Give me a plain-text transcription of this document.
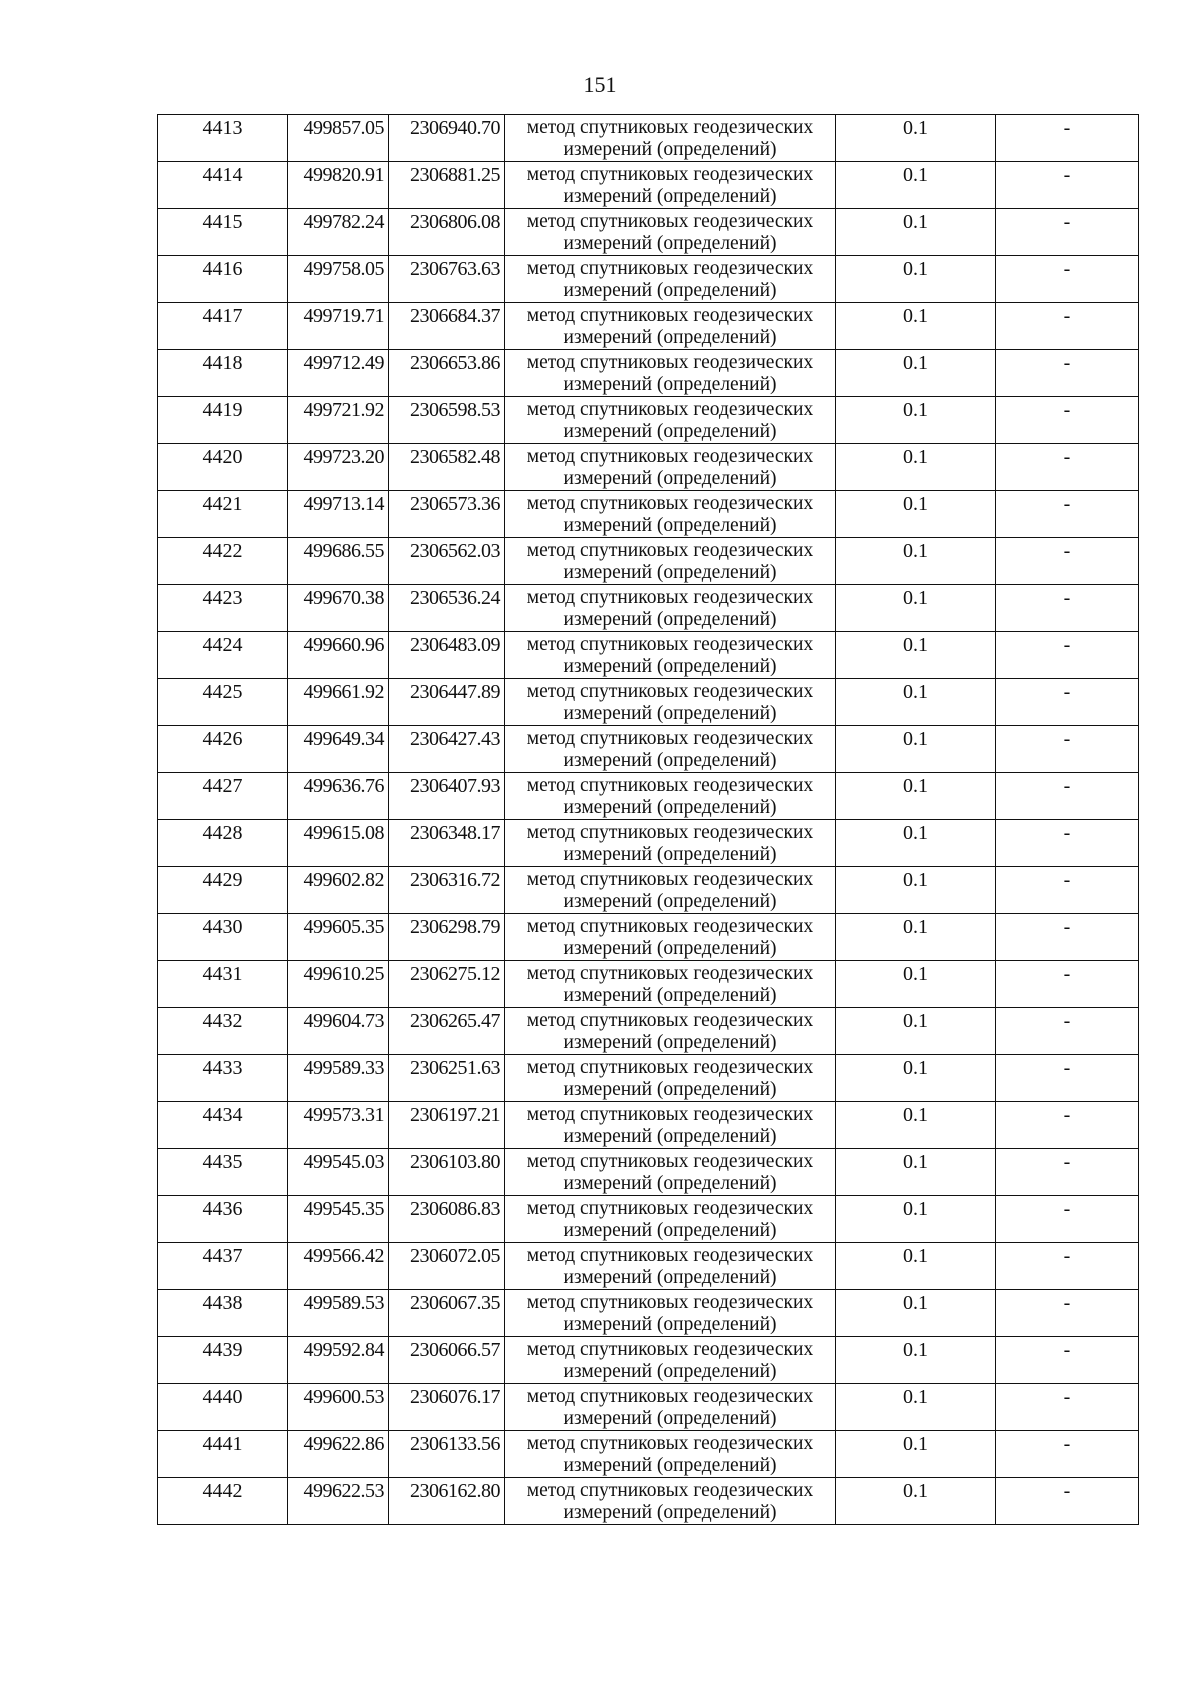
151
4413	499857.05	2306940.70	метод спутниковых геодезических измерений (определений)	0.1	-
4414	499820.91	2306881.25	метод спутниковых геодезических измерений (определений)	0.1	-
4415	499782.24	2306806.08	метод спутниковых геодезических измерений (определений)	0.1	-
4416	499758.05	2306763.63	метод спутниковых геодезических измерений (определений)	0.1	-
4417	499719.71	2306684.37	метод спутниковых геодезических измерений (определений)	0.1	-
4418	499712.49	2306653.86	метод спутниковых геодезических измерений (определений)	0.1	-
4419	499721.92	2306598.53	метод спутниковых геодезических измерений (определений)	0.1	-
4420	499723.20	2306582.48	метод спутниковых геодезических измерений (определений)	0.1	-
4421	499713.14	2306573.36	метод спутниковых геодезических измерений (определений)	0.1	-
4422	499686.55	2306562.03	метод спутниковых геодезических измерений (определений)	0.1	-
4423	499670.38	2306536.24	метод спутниковых геодезических измерений (определений)	0.1	-
4424	499660.96	2306483.09	метод спутниковых геодезических измерений (определений)	0.1	-
4425	499661.92	2306447.89	метод спутниковых геодезических измерений (определений)	0.1	-
4426	499649.34	2306427.43	метод спутниковых геодезических измерений (определений)	0.1	-
4427	499636.76	2306407.93	метод спутниковых геодезических измерений (определений)	0.1	-
4428	499615.08	2306348.17	метод спутниковых геодезических измерений (определений)	0.1	-
4429	499602.82	2306316.72	метод спутниковых геодезических измерений (определений)	0.1	-
4430	499605.35	2306298.79	метод спутниковых геодезических измерений (определений)	0.1	-
4431	499610.25	2306275.12	метод спутниковых геодезических измерений (определений)	0.1	-
4432	499604.73	2306265.47	метод спутниковых геодезических измерений (определений)	0.1	-
4433	499589.33	2306251.63	метод спутниковых геодезических измерений (определений)	0.1	-
4434	499573.31	2306197.21	метод спутниковых геодезических измерений (определений)	0.1	-
4435	499545.03	2306103.80	метод спутниковых геодезических измерений (определений)	0.1	-
4436	499545.35	2306086.83	метод спутниковых геодезических измерений (определений)	0.1	-
4437	499566.42	2306072.05	метод спутниковых геодезических измерений (определений)	0.1	-
4438	499589.53	2306067.35	метод спутниковых геодезических измерений (определений)	0.1	-
4439	499592.84	2306066.57	метод спутниковых геодезических измерений (определений)	0.1	-
4440	499600.53	2306076.17	метод спутниковых геодезических измерений (определений)	0.1	-
4441	499622.86	2306133.56	метод спутниковых геодезических измерений (определений)	0.1	-
4442	499622.53	2306162.80	метод спутниковых геодезических измерений (определений)	0.1	-
